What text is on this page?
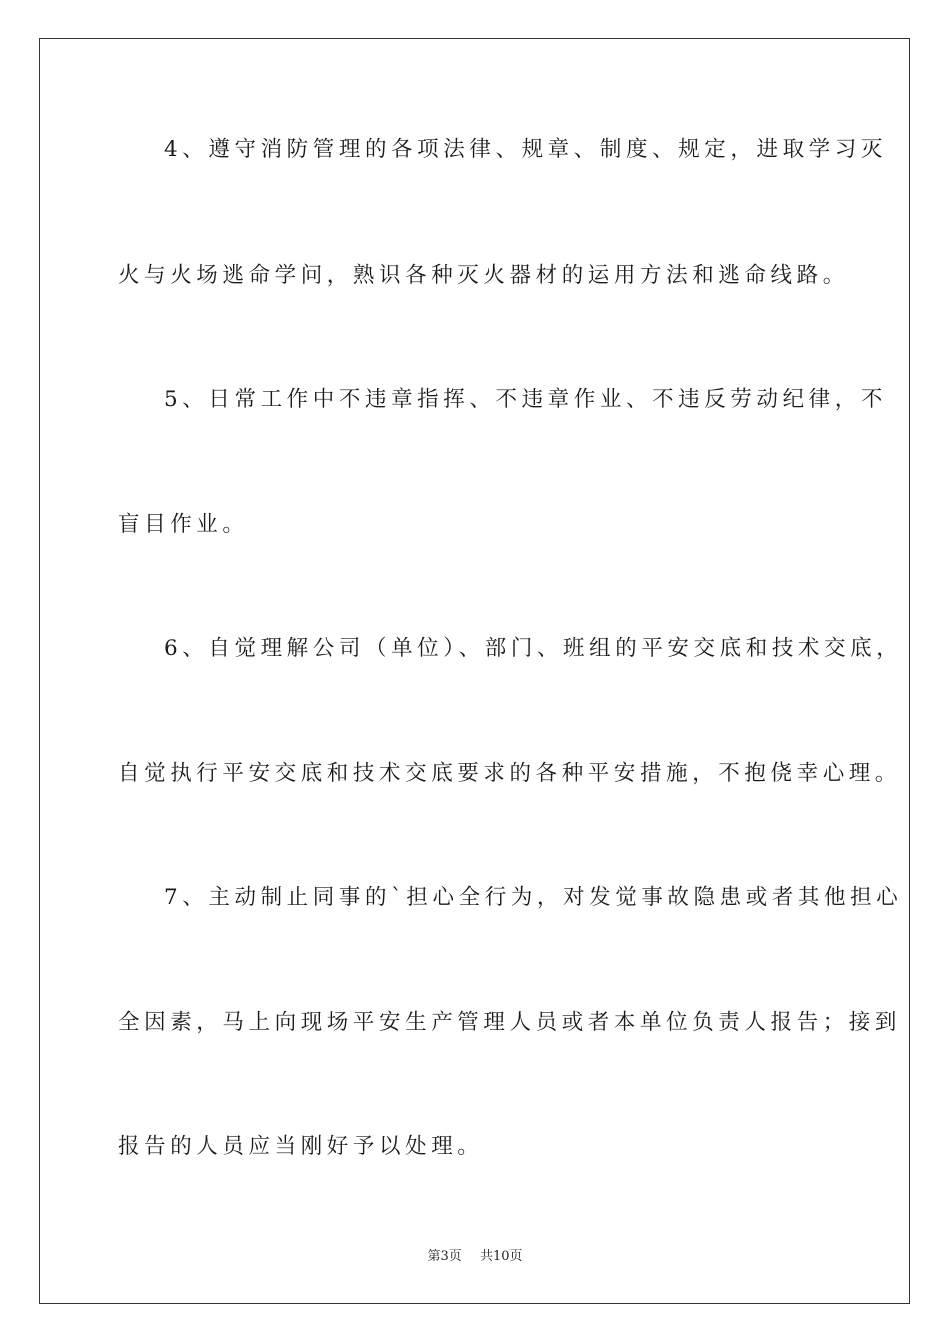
4、遵守消防管理的各项法律、规章、制度、规定，进取学习灭
火与火场逃命学问，熟识各种灭火器材的运用方法和逃命线路。
5、日常工作中不违章指挥、不违章作业、不违反劳动纪律，不
盲目作业。
6、自觉理解公司（单位）、部门、班组的平安交底和技术交底，
自觉执行平安交底和技术交底要求的各种平安措施，不抱侥幸心理。
7、主动制止同事的`担心全行为，对发觉事故隐患或者其他担心
全因素，马上向现场平安生产管理人员或者本单位负责人报告；接到
报告的人员应当刚好予以处理。
第3页 共10页
